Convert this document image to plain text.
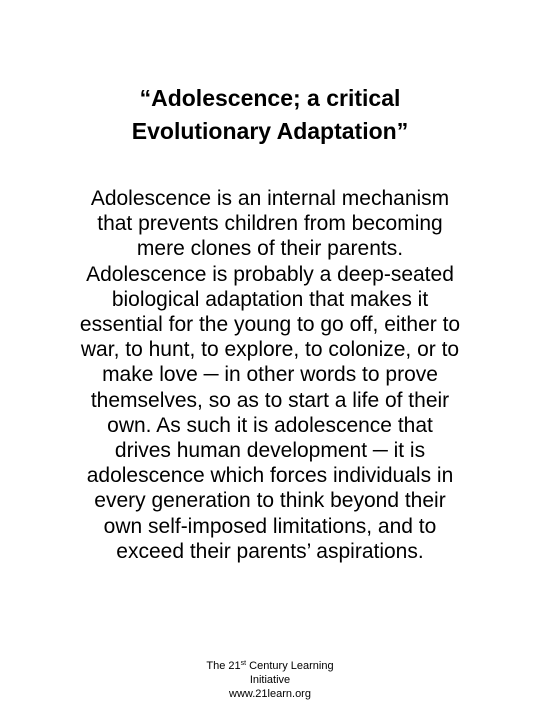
“Adolescence; a critical
Evolutionary Adaptation”
Adolescence is an internal mechanism
that prevents children from becoming
mere clones of their parents.
Adolescence is probably a deep-seated
biological adaptation that makes it
essential for the young to go off, either to
war, to hunt, to explore, to colonize, or to
make love ─ in other words to prove
themselves, so as to start a life of their
own. As such it is adolescence that
drives human development ─ it is
adolescence which forces individuals in
every generation to think beyond their
own self-imposed limitations, and to
exceed their parents’ aspirations.
The 21st Century Learning
Initiative
www.21learn.org
